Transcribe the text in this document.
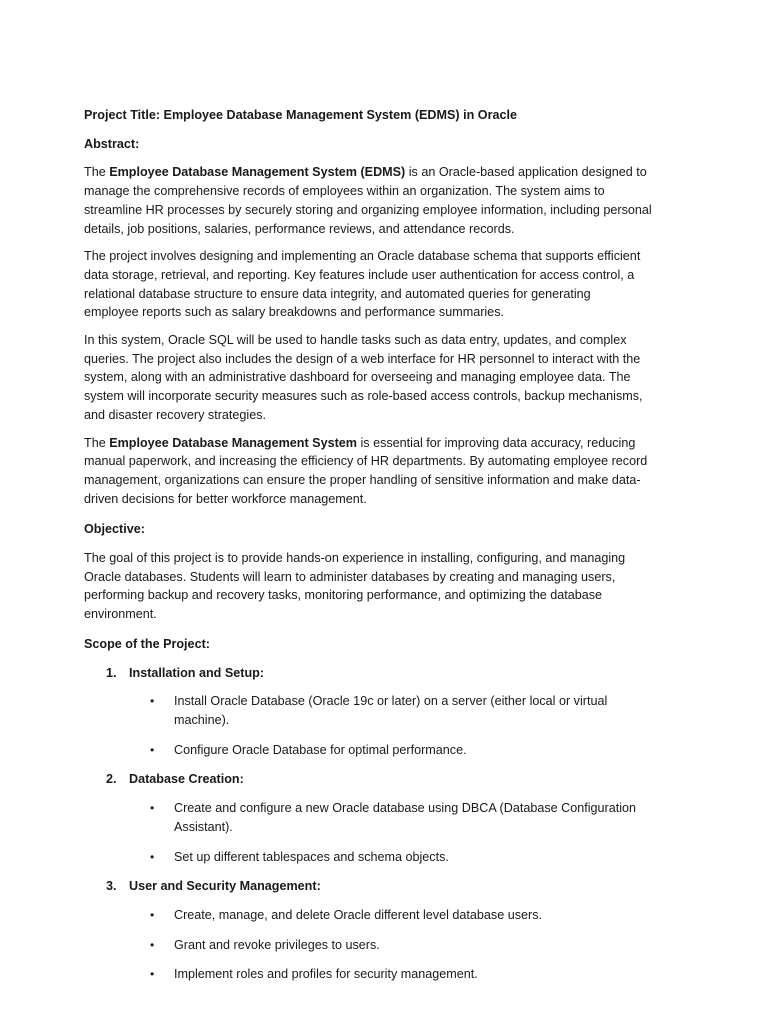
Project Title: Employee Database Management System (EDMS) in Oracle

Abstract:

The Employee Database Management System (EDMS) is an Oracle-based application designed to

manage the comprehensive records of employees within an organization. The system aims to

streamline HR processes by securely storing and organizing employee information, including personal

details, job positions, salaries, performance reviews, and attendance records.

The project involves designing and implementing an Oracle database schema that supports efficient

data storage, retrieval, and reporting. Key features include user authentication for access control, a

relational database structure to ensure data integrity, and automated queries for generating

employee reports such as salary breakdowns and performance summaries.

In this system, Oracle SQL will be used to handle tasks such as data entry, updates, and complex

queries. The project also includes the design of a web interface for HR personnel to interact with the

system, along with an administrative dashboard for overseeing and managing employee data. The

system will incorporate security measures such as role-based access controls, backup mechanisms,

and disaster recovery strategies.

The Employee Database Management System is essential for improving data accuracy, reducing

manual paperwork, and increasing the efficiency of HR departments. By automating employee record

management, organizations can ensure the proper handling of sensitive information and make data-

driven decisions for better workforce management.

Objective:

The goal of this project is to provide hands-on experience in installing, configuring, and managing

Oracle databases. Students will learn to administer databases by creating and managing users,

performing backup and recovery tasks, monitoring performance, and optimizing the database

environment.

Scope of the Project:

1. Installation and Setup:
• Install Oracle Database (Oracle 19c or later) on a server (either local or virtual

machine).

• Configure Oracle Database for optimal performance.

2. Database Creation:
• Create and configure a new Oracle database using DBCA (Database Configuration

Assistant).

• Set up different tablespaces and schema objects.

3. User and Security Management:
• Create, manage, and delete Oracle different level database users.

• Grant and revoke privileges to users.

• Implement roles and profiles for security management.
